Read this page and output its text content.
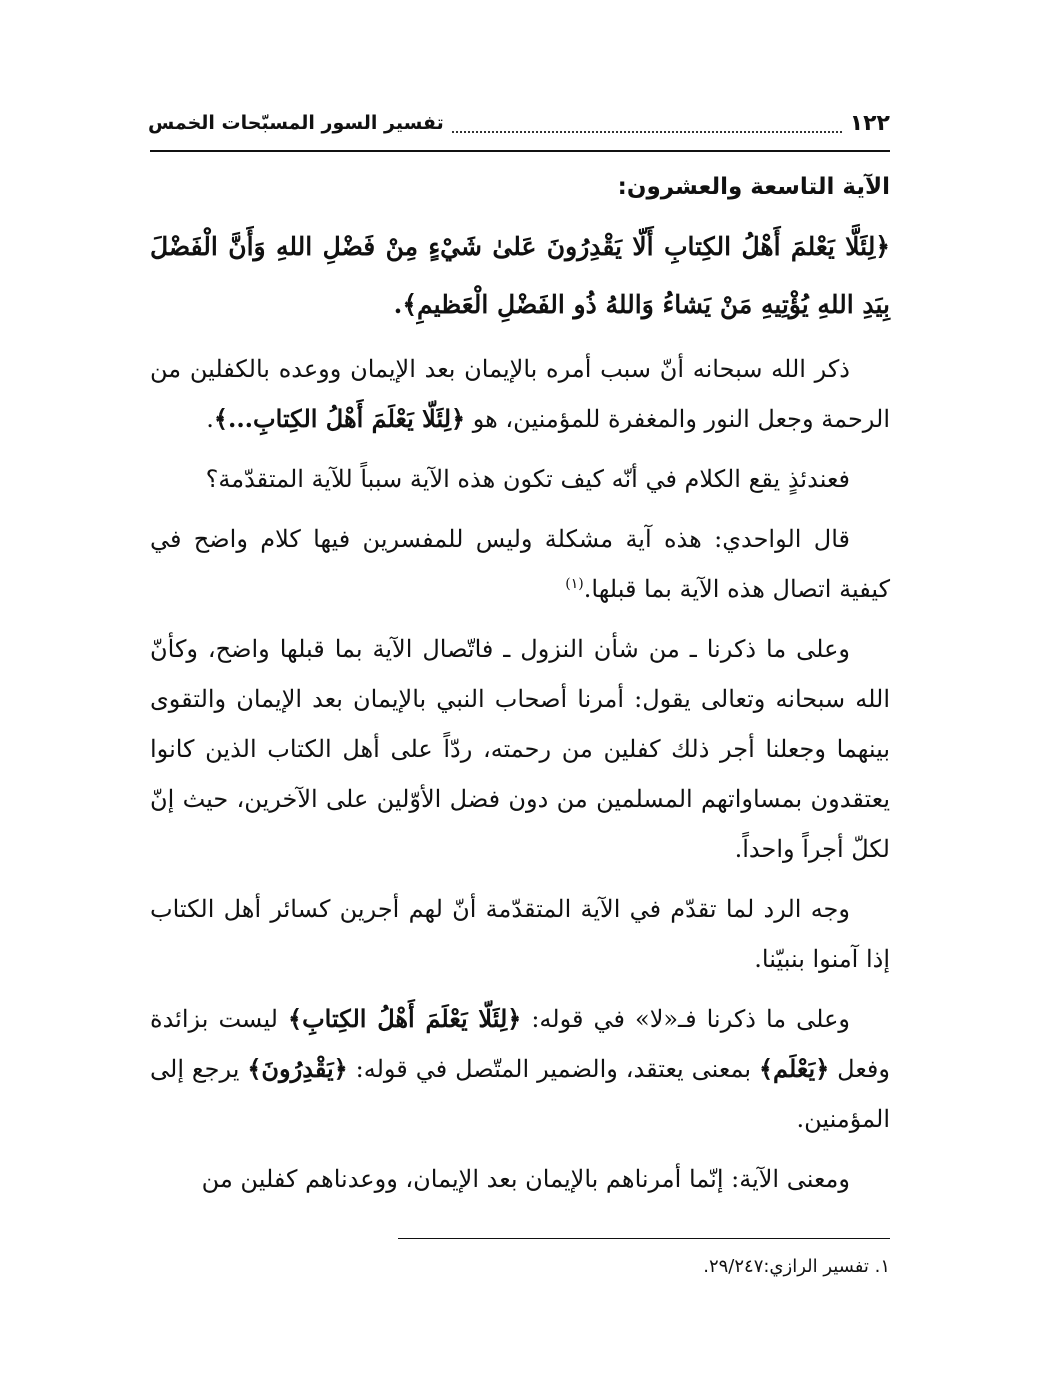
١٢٢
تفسير السور المسبّحات الخمس
الآية التاسعة والعشرون:

﴿لِئَلَّا يَعْلمَ أَهْلُ الكِتابِ أَلّا يَقْدِرُونَ عَلىٰ شَيْءٍ مِنْ فَضْلِ اللهِ وَأَنَّ الْفَضْلَ بِيَدِ اللهِ يُؤْتِيهِ مَنْ يَشاءُ وَاللهُ ذُو الفَضْلِ الْعَظيمِ﴾.

ذكر الله سبحانه أنّ سبب أمره بالإيمان بعد الإيمان ووعده بالكفلين من الرحمة وجعل النور والمغفرة للمؤمنين، هو ﴿لِئَلّا يَعْلَمَ أَهْلُ الكِتابِ...﴾.

فعندئذٍ يقع الكلام في أنّه كيف تكون هذه الآية سبباً للآية المتقدّمة؟

قال الواحدي: هذه آية مشكلة وليس للمفسرين فيها كلام واضح في كيفية اتصال هذه الآية بما قبلها.$^{(١)}$

وعلى ما ذكرنا ـ من شأن النزول ـ فاتّصال الآية بما قبلها واضح، وكأنّ الله سبحانه وتعالى يقول: أمرنا أصحاب النبي بالإيمان بعد الإيمان والتقوى بينهما وجعلنا أجر ذلك كفلين من رحمته، ردّاً على أهل الكتاب الذين كانوا يعتقدون بمساواتهم المسلمين من دون فضل الأوّلين على الآخرين، حيث إنّ لكلّ أجراً واحداً.

وجه الرد لما تقدّم في الآية المتقدّمة أنّ لهم أجرين كسائر أهل الكتاب إذا آمنوا بنبيّنا.

وعلى ما ذكرنا فـ«لا» في قوله: ﴿لِئَلّا يَعْلَمَ أَهْلُ الكِتابِ﴾ ليست بزائدة وفعل ﴿يَعْلَم﴾ بمعنى يعتقد، والضمير المتّصل في قوله: ﴿يَقْدِرُونَ﴾ يرجع إلى المؤمنين.

ومعنى الآية: إنّما أمرناهم بالإيمان بعد الإيمان، ووعدناهم كفلين من

١. تفسير الرازي:٢٩/٢٤٧.
